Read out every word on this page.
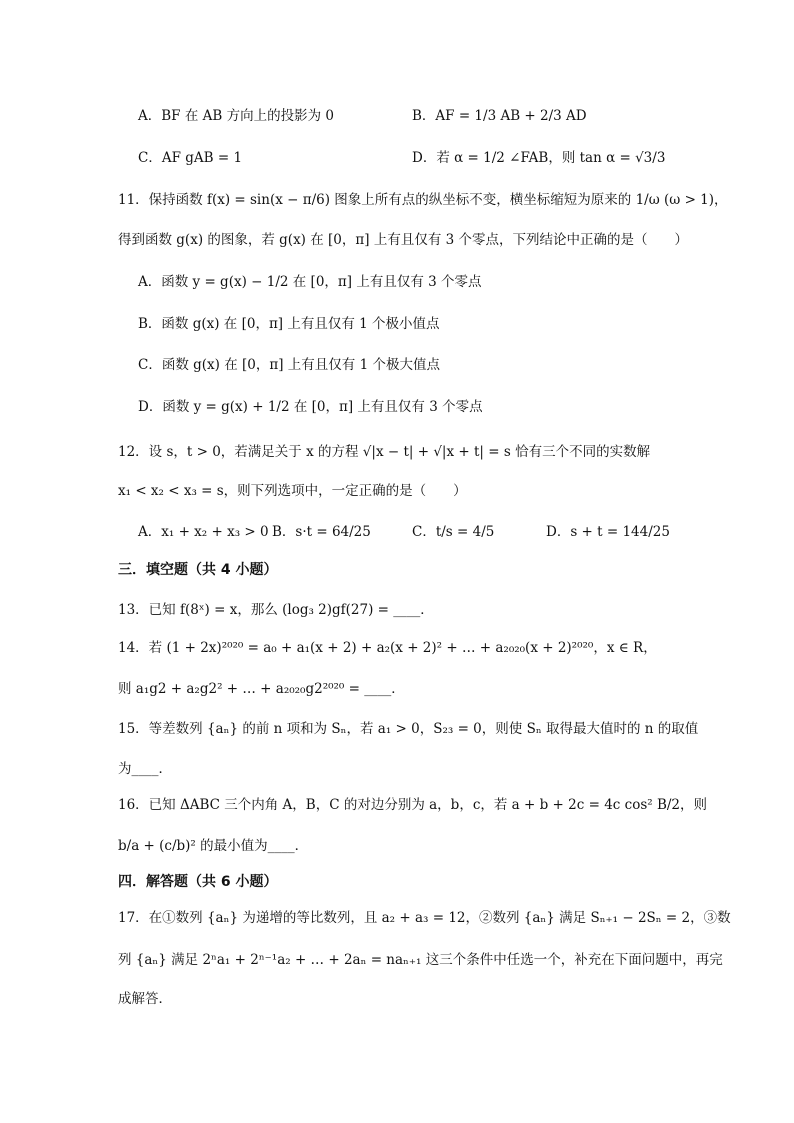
A．BF 在 AB 方向上的投影为 0	B．AF = 1/3 AB + 2/3 AD
C．AF gAB = 1	D．若 α = 1/2 ∠FAB，则 tan α = √3/3
11．保持函数 f(x) = sin(x − π/6) 图象上所有点的纵坐标不变，横坐标缩短为原来的 1/ω (ω > 1)，
得到函数 g(x) 的图象，若 g(x) 在 [0，π] 上有且仅有 3 个零点，下列结论中正确的是（　　）
A．函数 y = g(x) − 1/2 在 [0，π] 上有且仅有 3 个零点
B．函数 g(x) 在 [0，π] 上有且仅有 1 个极小值点
C．函数 g(x) 在 [0，π] 上有且仅有 1 个极大值点
D．函数 y = g(x) + 1/2 在 [0，π] 上有且仅有 3 个零点
12．设 s，t > 0，若满足关于 x 的方程 √|x − t| + √|x + t| = s 恰有三个不同的实数解
x₁ < x₂ < x₃ = s，则下列选项中，一定正确的是（　　）
A．x₁ + x₂ + x₃ > 0 B．s·t = 64/25	C．t/s = 4/5	D．s + t = 144/25
三．填空题（共 4 小题）
13．已知 f(8ˣ) = x，那么 (log₃ 2)gf(27) = ____．
14．若 (1 + 2x)²⁰²⁰ = a₀ + a₁(x + 2) + a₂(x + 2)² + … + a₂₀₂₀(x + 2)²⁰²⁰，x ∈ R，
则 a₁g2 + a₂g2² + … + a₂₀₂₀g2²⁰²⁰ = ____．
15．等差数列 {aₙ} 的前 n 项和为 Sₙ，若 a₁ > 0，S₂₃ = 0，则使 Sₙ 取得最大值时的 n 的取值
为____．
16．已知 ΔABC 三个内角 A，B，C 的对边分别为 a，b，c，若 a + b + 2c = 4c cos² B/2，则
b/a + (c/b)² 的最小值为____．
四．解答题（共 6 小题）
17．在①数列 {aₙ} 为递增的等比数列，且 a₂ + a₃ = 12，②数列 {aₙ} 满足 Sₙ₊₁ − 2Sₙ = 2，③数
列 {aₙ} 满足 2ⁿa₁ + 2ⁿ⁻¹a₂ + … + 2aₙ = naₙ₊₁ 这三个条件中任选一个，补充在下面问题中，再完
成解答．
